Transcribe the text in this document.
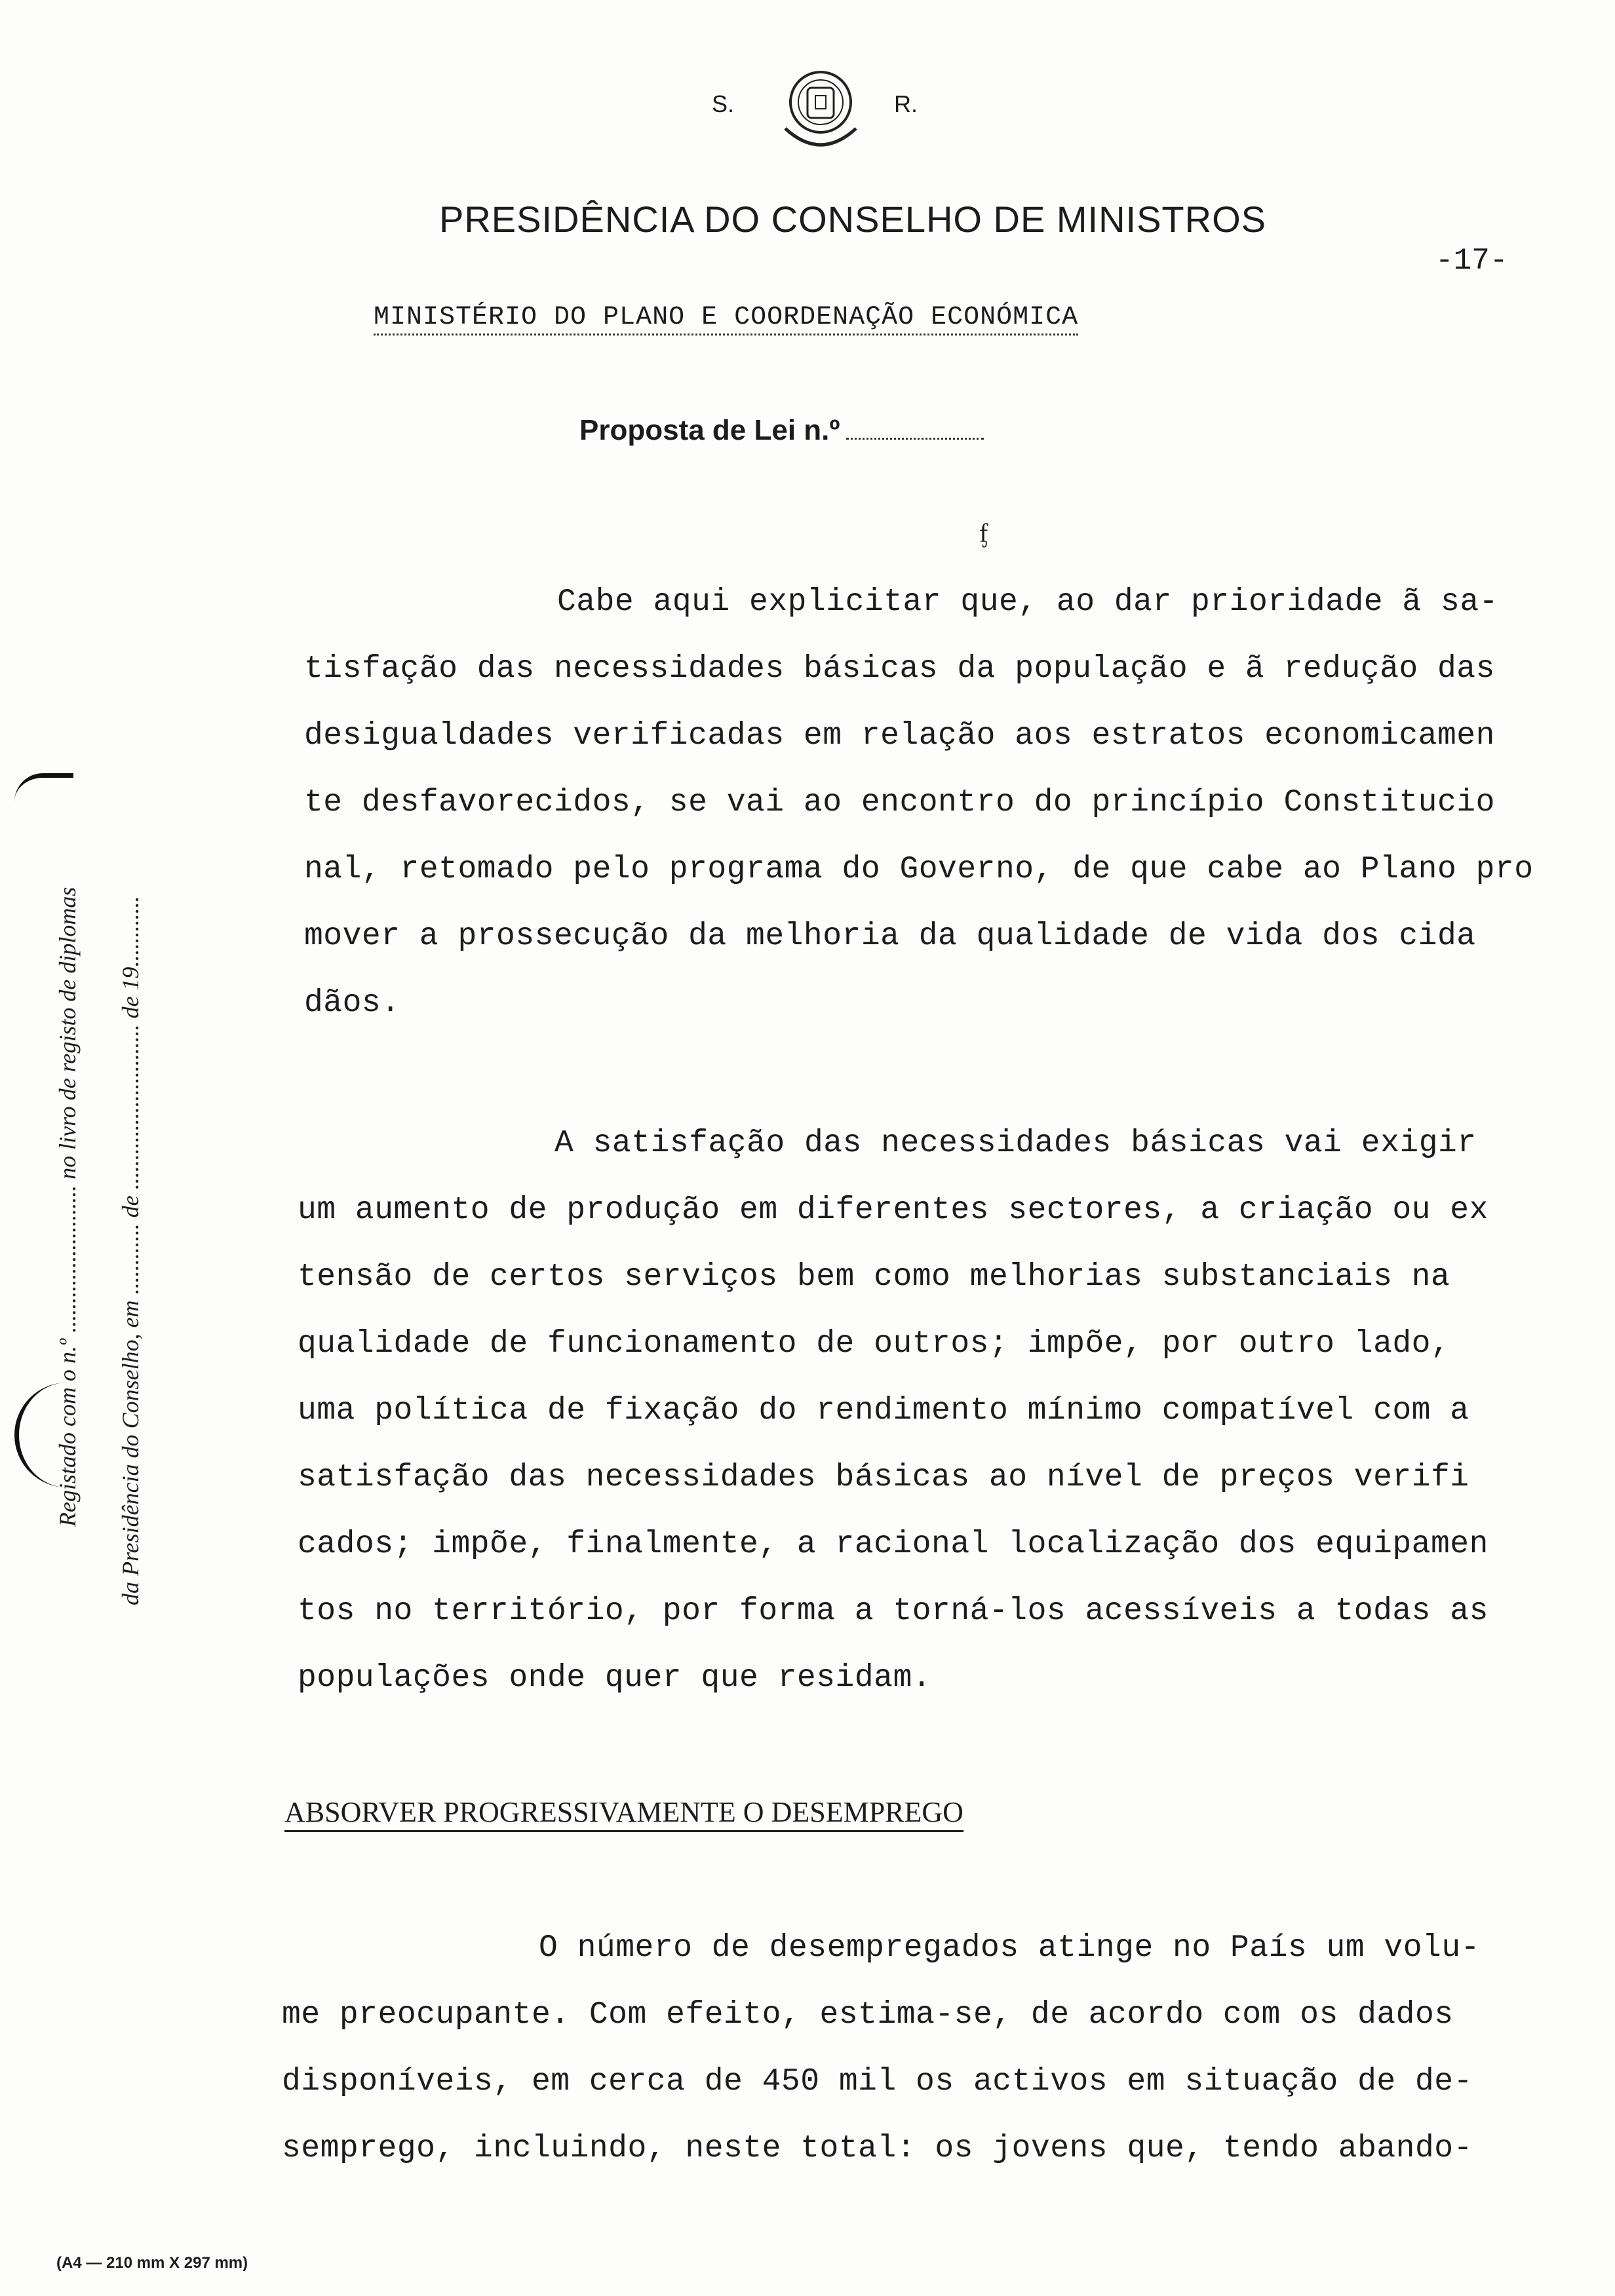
S.	R.
PRESIDÊNCIA DO CONSELHO DE MINISTROS
-17-
MINISTÉRIO DO PLANO E COORDENAÇÃO ECONÓMICA
Proposta de Lei n.º
ᶂ
Cabe aqui explicitar que, ao dar prioridade ã sa-
tisfação das necessidades básicas da população e ã redução das
desigualdades verificadas em relação aos estratos economicamen
te desfavorecidos, se vai ao encontro do princípio Constitucio
nal, retomado pelo programa do Governo, de que cabe ao Plano pro
mover a prossecução da melhoria da qualidade de vida dos cida
dãos.
A satisfação das necessidades básicas vai exigir
um aumento de produção em diferentes sectores, a criação ou ex
tensão de certos serviços bem como melhorias substanciais na
qualidade de funcionamento de outros; impõe, por outro lado,
uma política de fixação do rendimento mínimo compatível com a
satisfação das necessidades básicas ao nível de preços verifi
cados; impõe, finalmente, a racional localização dos equipamen
tos no território, por forma a torná-los acessíveis a todas as
populações onde quer que residam.
ABSORVER PROGRESSIVAMENTE O DESEMPREGO
O número de desempregados atinge no País um volu-
me preocupante. Com efeito, estima-se, de acordo com os dados
disponíveis, em cerca de 450 mil os activos em situação de de-
semprego, incluindo, neste total: os jovens que, tendo abando-
Registado com o n.º ......................... no livro de registo de diplomas da Presidência do Conselho, em ............ de ............................ de 19............
(A4 — 210 mm X 297 mm)
